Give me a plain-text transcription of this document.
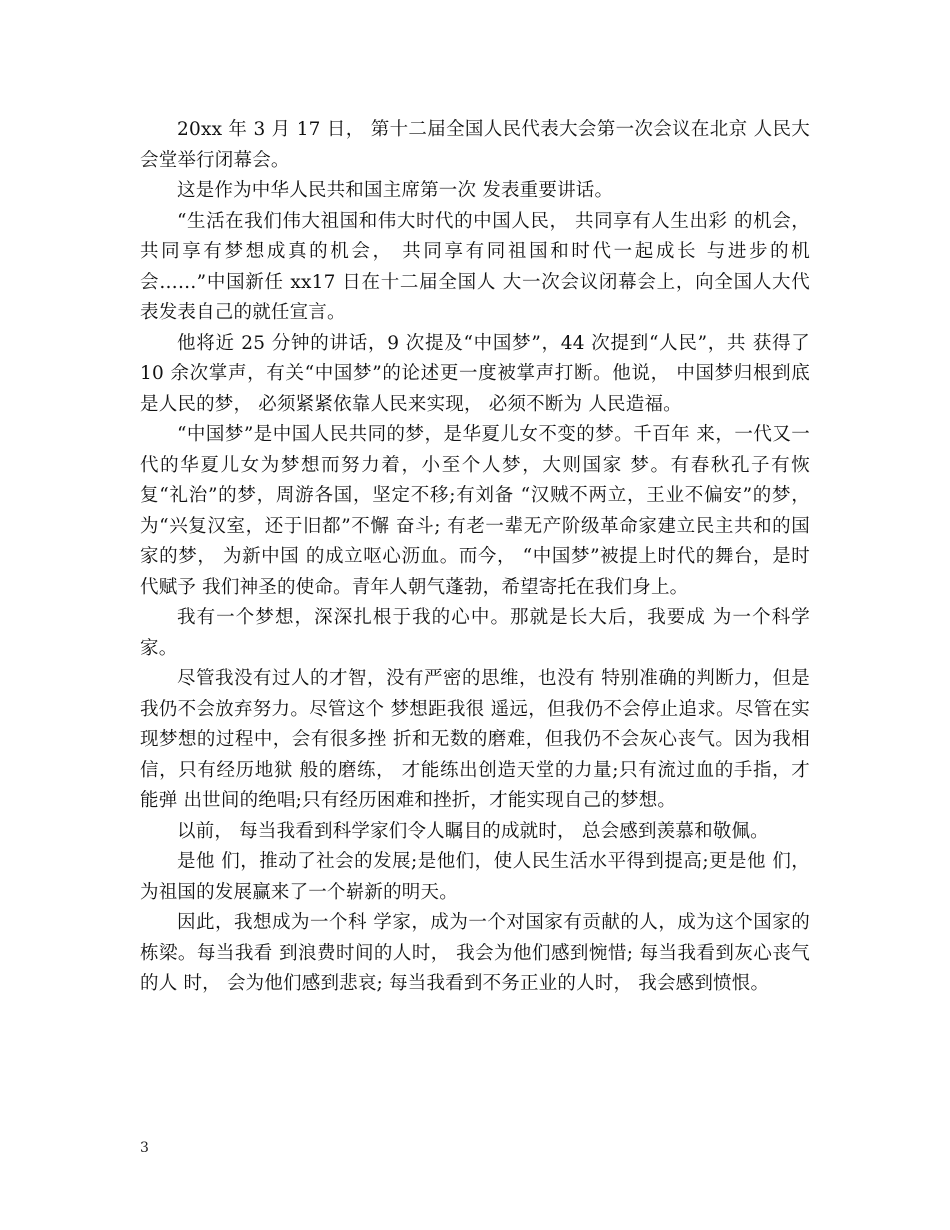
20xx 年 3 月 17 日， 第十二届全国人民代表大会第一次会议在北京 人民大会堂举行闭幕会。

这是作为中华人民共和国主席第一次 发表重要讲话。

“生活在我们伟大祖国和伟大时代的中国人民， 共同享有人生出彩 的机会，共同享有梦想成真的机会， 共同享有同祖国和时代一起成长 与进步的机会……”中国新任 xx17 日在十二届全国人 大一次会议闭幕会上，向全国人大代表发表自己的就任宣言。

他将近 25 分钟的讲话，9 次提及“中国梦”，44 次提到“人民”，共 获得了 10 余次掌声，有关“中国梦”的论述更一度被掌声打断。他说， 中国梦归根到底是人民的梦， 必须紧紧依靠人民来实现， 必须不断为 人民造福。

“中国梦”是中国人民共同的梦，是华夏儿女不变的梦。千百年 来，一代又一代的华夏儿女为梦想而努力着，小至个人梦，大则国家 梦。有春秋孔子有恢复“礼治”的梦，周游各国，坚定不移;有刘备 “汉贼不两立，王业不偏安”的梦，为“兴复汉室，还于旧都”不懈 奋斗; 有老一辈无产阶级革命家建立民主共和的国家的梦， 为新中国 的成立呕心沥血。而今， “中国梦”被提上时代的舞台，是时代赋予 我们神圣的使命。青年人朝气蓬勃，希望寄托在我们身上。

我有一个梦想，深深扎根于我的心中。那就是长大后，我要成 为一个科学家。

尽管我没有过人的才智，没有严密的思维，也没有 特别准确的判断力，但是我仍不会放弃努力。尽管这个 梦想距我很 遥远，但我仍不会停止追求。尽管在实现梦想的过程中，会有很多挫 折和无数的磨难，但我仍不会灰心丧气。因为我相信，只有经历地狱 般的磨练， 才能练出创造天堂的力量;只有流过血的手指，才能弹 出世间的绝唱;只有经历困难和挫折，才能实现自己的梦想。

以前， 每当我看到科学家们令人瞩目的成就时， 总会感到羡慕和敬佩。

是他 们，推动了社会的发展;是他们，使人民生活水平得到提高;更是他 们，为祖国的发展赢来了一个崭新的明天。

因此，我想成为一个科 学家，成为一个对国家有贡献的人，成为这个国家的栋梁。每当我看 到浪费时间的人时， 我会为他们感到惋惜; 每当我看到灰心丧气的人 时， 会为他们感到悲哀; 每当我看到不务正业的人时， 我会感到愤恨。

3
